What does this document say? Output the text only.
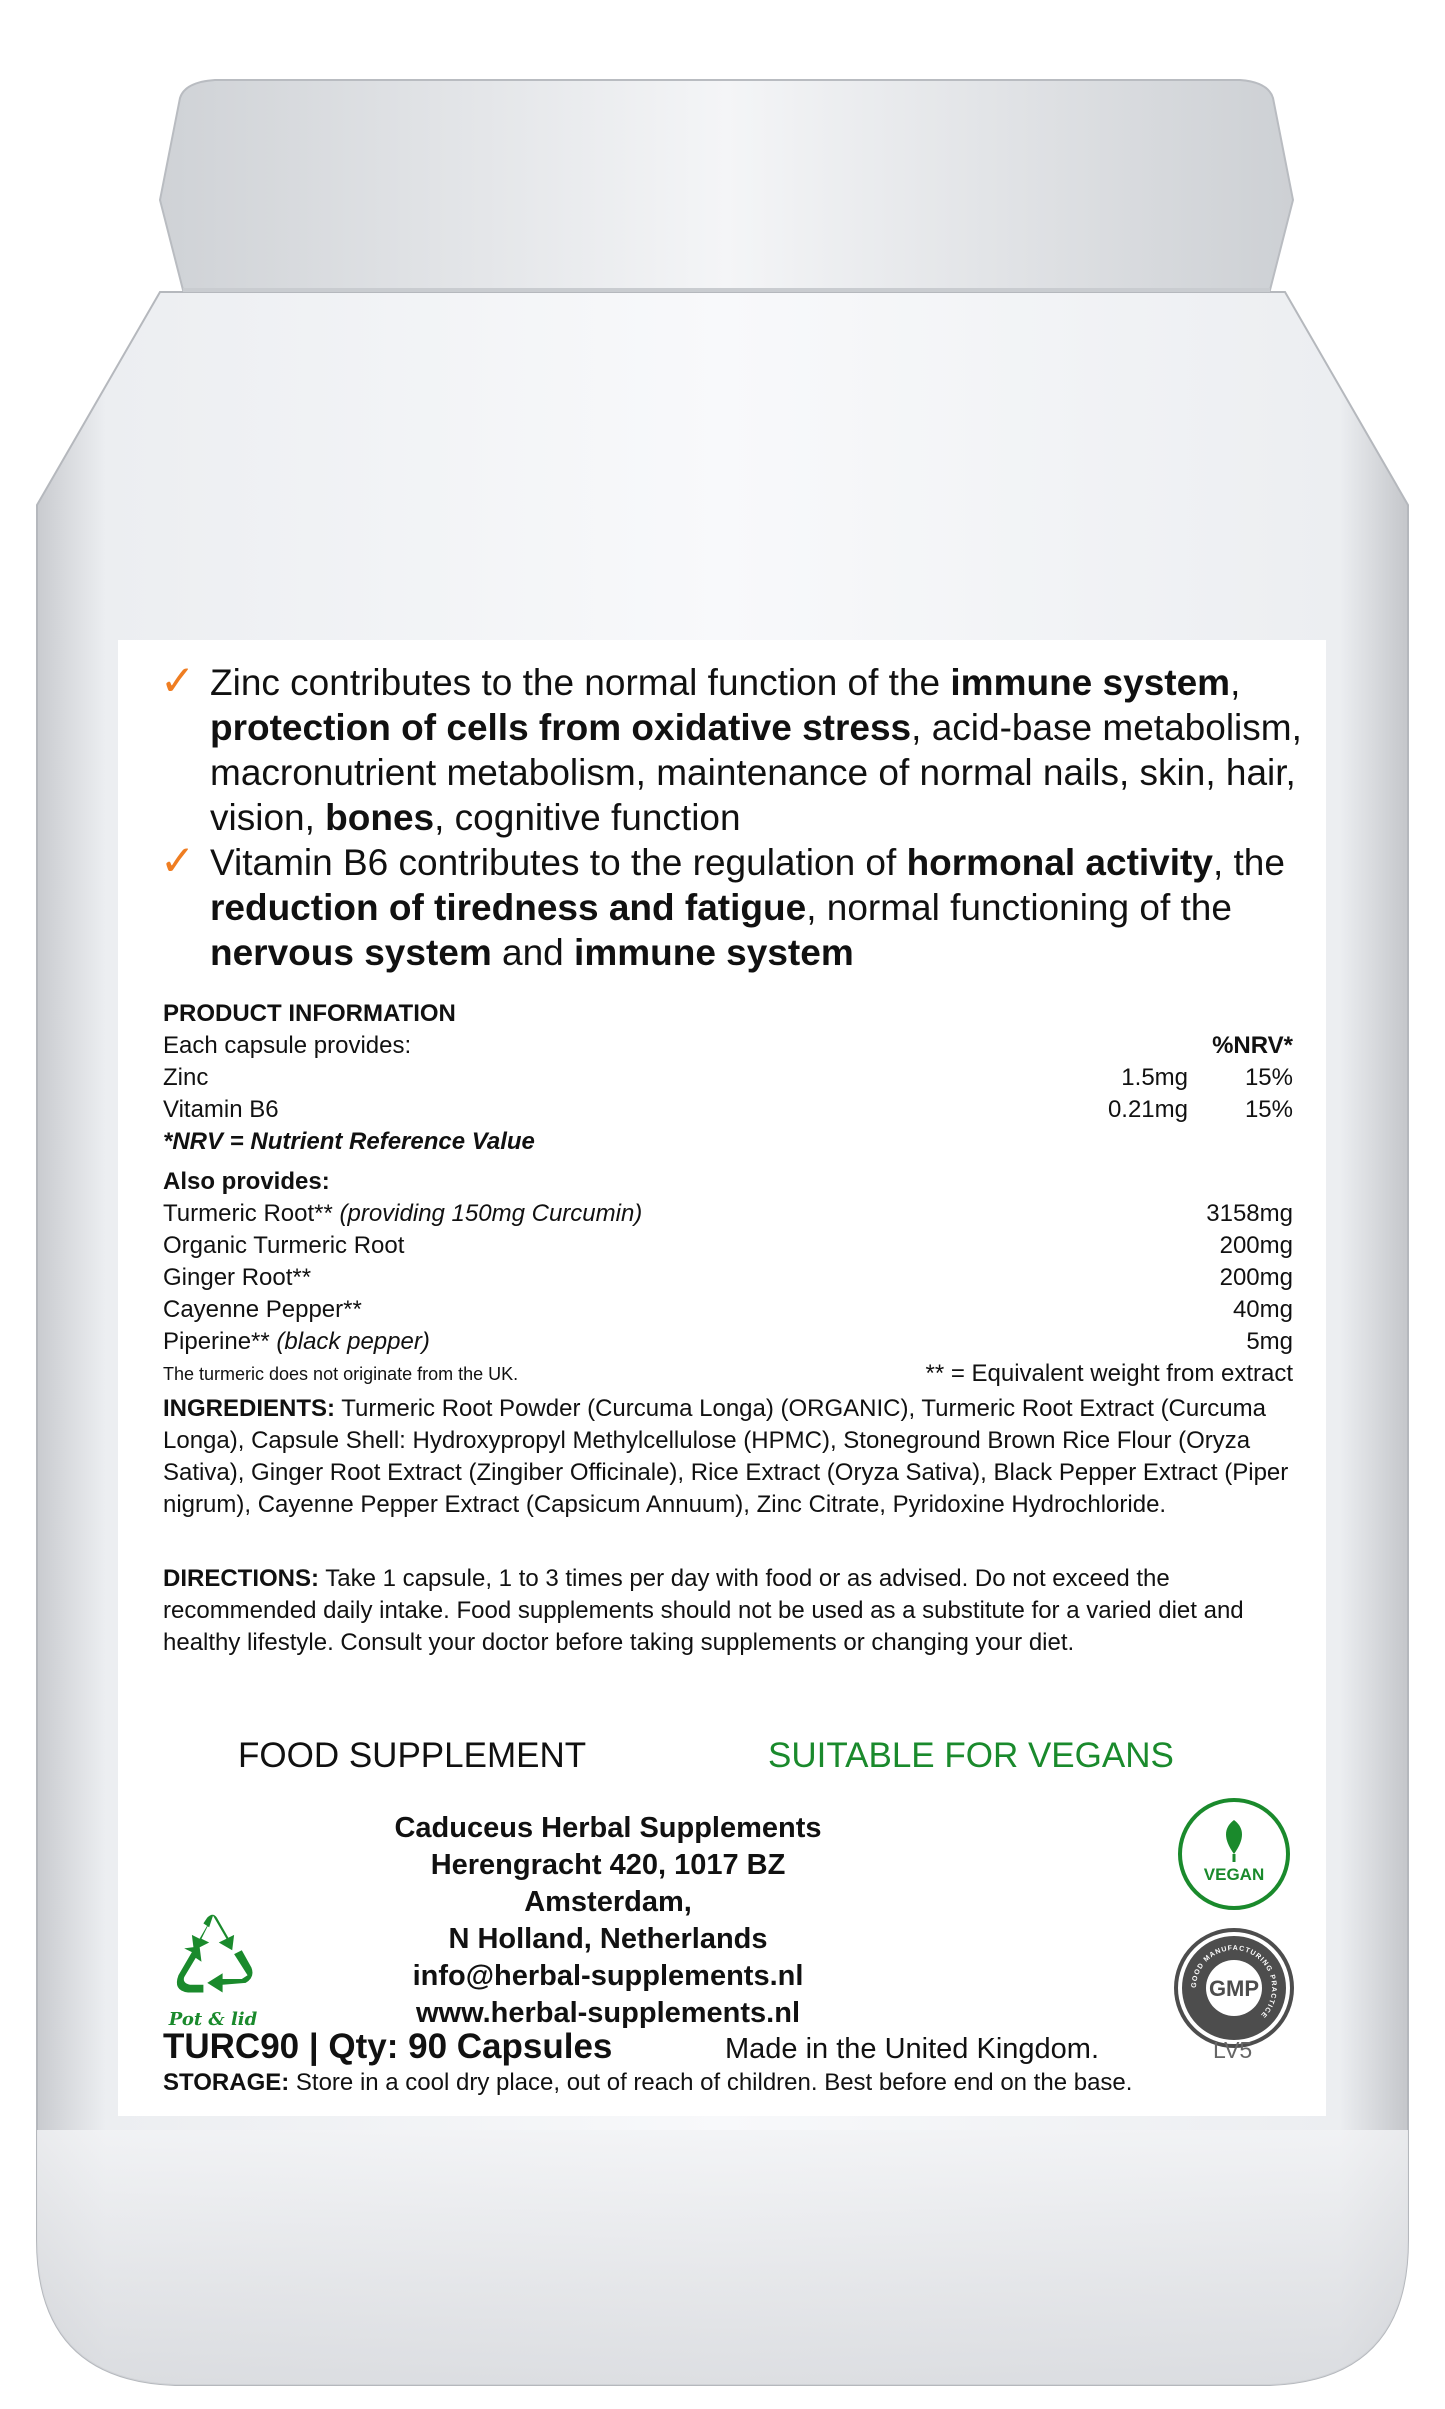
✓ Zinc contributes to the normal function of the immune system, protection of cells from oxidative stress, acid-base metabolism, macronutrient metabolism, maintenance of normal nails, skin, hair, vision, bones, cognitive function
✓ Vitamin B6 contributes to the regulation of hormonal activity, the reduction of tiredness and fatigue, normal functioning of the nervous system and immune system
PRODUCT INFORMATION
Each capsule provides:	%NRV*
Zinc	1.5mg	15%
Vitamin B6	0.21mg	15%
*NRV = Nutrient Reference Value
Also provides:
Turmeric Root** (providing 150mg Curcumin)	3158mg
Organic Turmeric Root	200mg
Ginger Root**	200mg
Cayenne Pepper**	40mg
Piperine** (black pepper)	5mg
The turmeric does not originate from the UK.	** = Equivalent weight from extract
INGREDIENTS: Turmeric Root Powder (Curcuma Longa) (ORGANIC), Turmeric Root Extract (Curcuma Longa), Capsule Shell: Hydroxypropyl Methylcellulose (HPMC), Stoneground Brown Rice Flour (Oryza Sativa), Ginger Root Extract (Zingiber Officinale), Rice Extract (Oryza Sativa), Black Pepper Extract (Piper nigrum), Cayenne Pepper Extract (Capsicum Annuum), Zinc Citrate, Pyridoxine Hydrochloride.
DIRECTIONS: Take 1 capsule, 1 to 3 times per day with food or as advised. Do not exceed the recommended daily intake. Food supplements should not be used as a substitute for a varied diet and healthy lifestyle. Consult your doctor before taking supplements or changing your diet.
FOOD SUPPLEMENT	SUITABLE FOR VEGANS
Caduceus Herbal Supplements
Herengracht 420, 1017 BZ Amsterdam,
N Holland, Netherlands
info@herbal-supplements.nl
www.herbal-supplements.nl
Pot & lid
VEGAN
GOOD MANUFACTURING PRACTICE
GMP
TURC90 | Qty: 90 Capsules	Made in the United Kingdom.	LV5
STORAGE: Store in a cool dry place, out of reach of children. Best before end on the base.
